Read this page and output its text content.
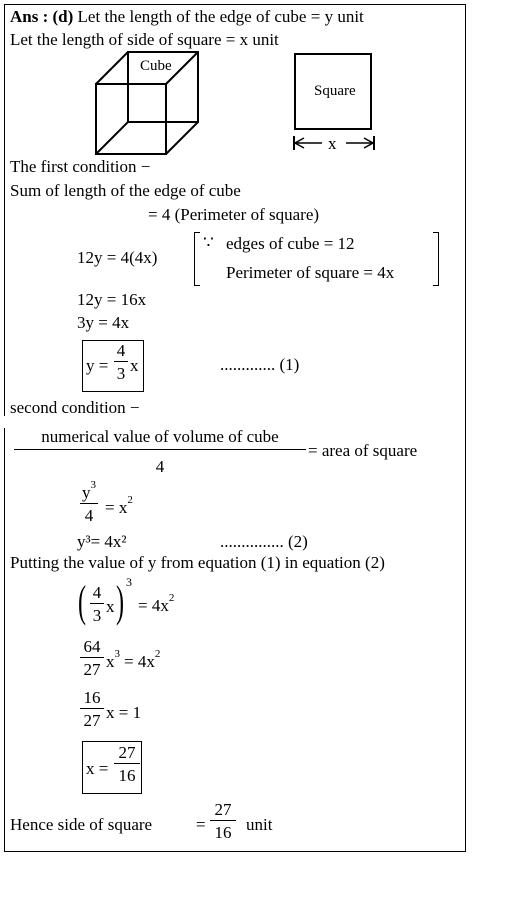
Ans : (d) Let the length of the edge of cube = y unit
Let the length of side of square = x unit
Cube
Square
x
The first condition −
Sum of length of the edge of cube
= 4 (Perimeter of square)
12y = 4(4x)
∵ edges of cube = 12
Perimeter of square = 4x
12y = 16x
3y = 4x
y =
4
3 x	............. (1)
second condition −
numerical value of volume of cube
4
= area of square
$y^3$
$4 = x^2$
y³= 4x²	............... (2)
Putting the value of y from equation (1) in equation (2)
( 4
3 x ) 3
= $4x^2$
64
27 $x^3 = 4x^2$
16
27 x = 1
x =
27
16
Hence side of square	=
27
16 unit
